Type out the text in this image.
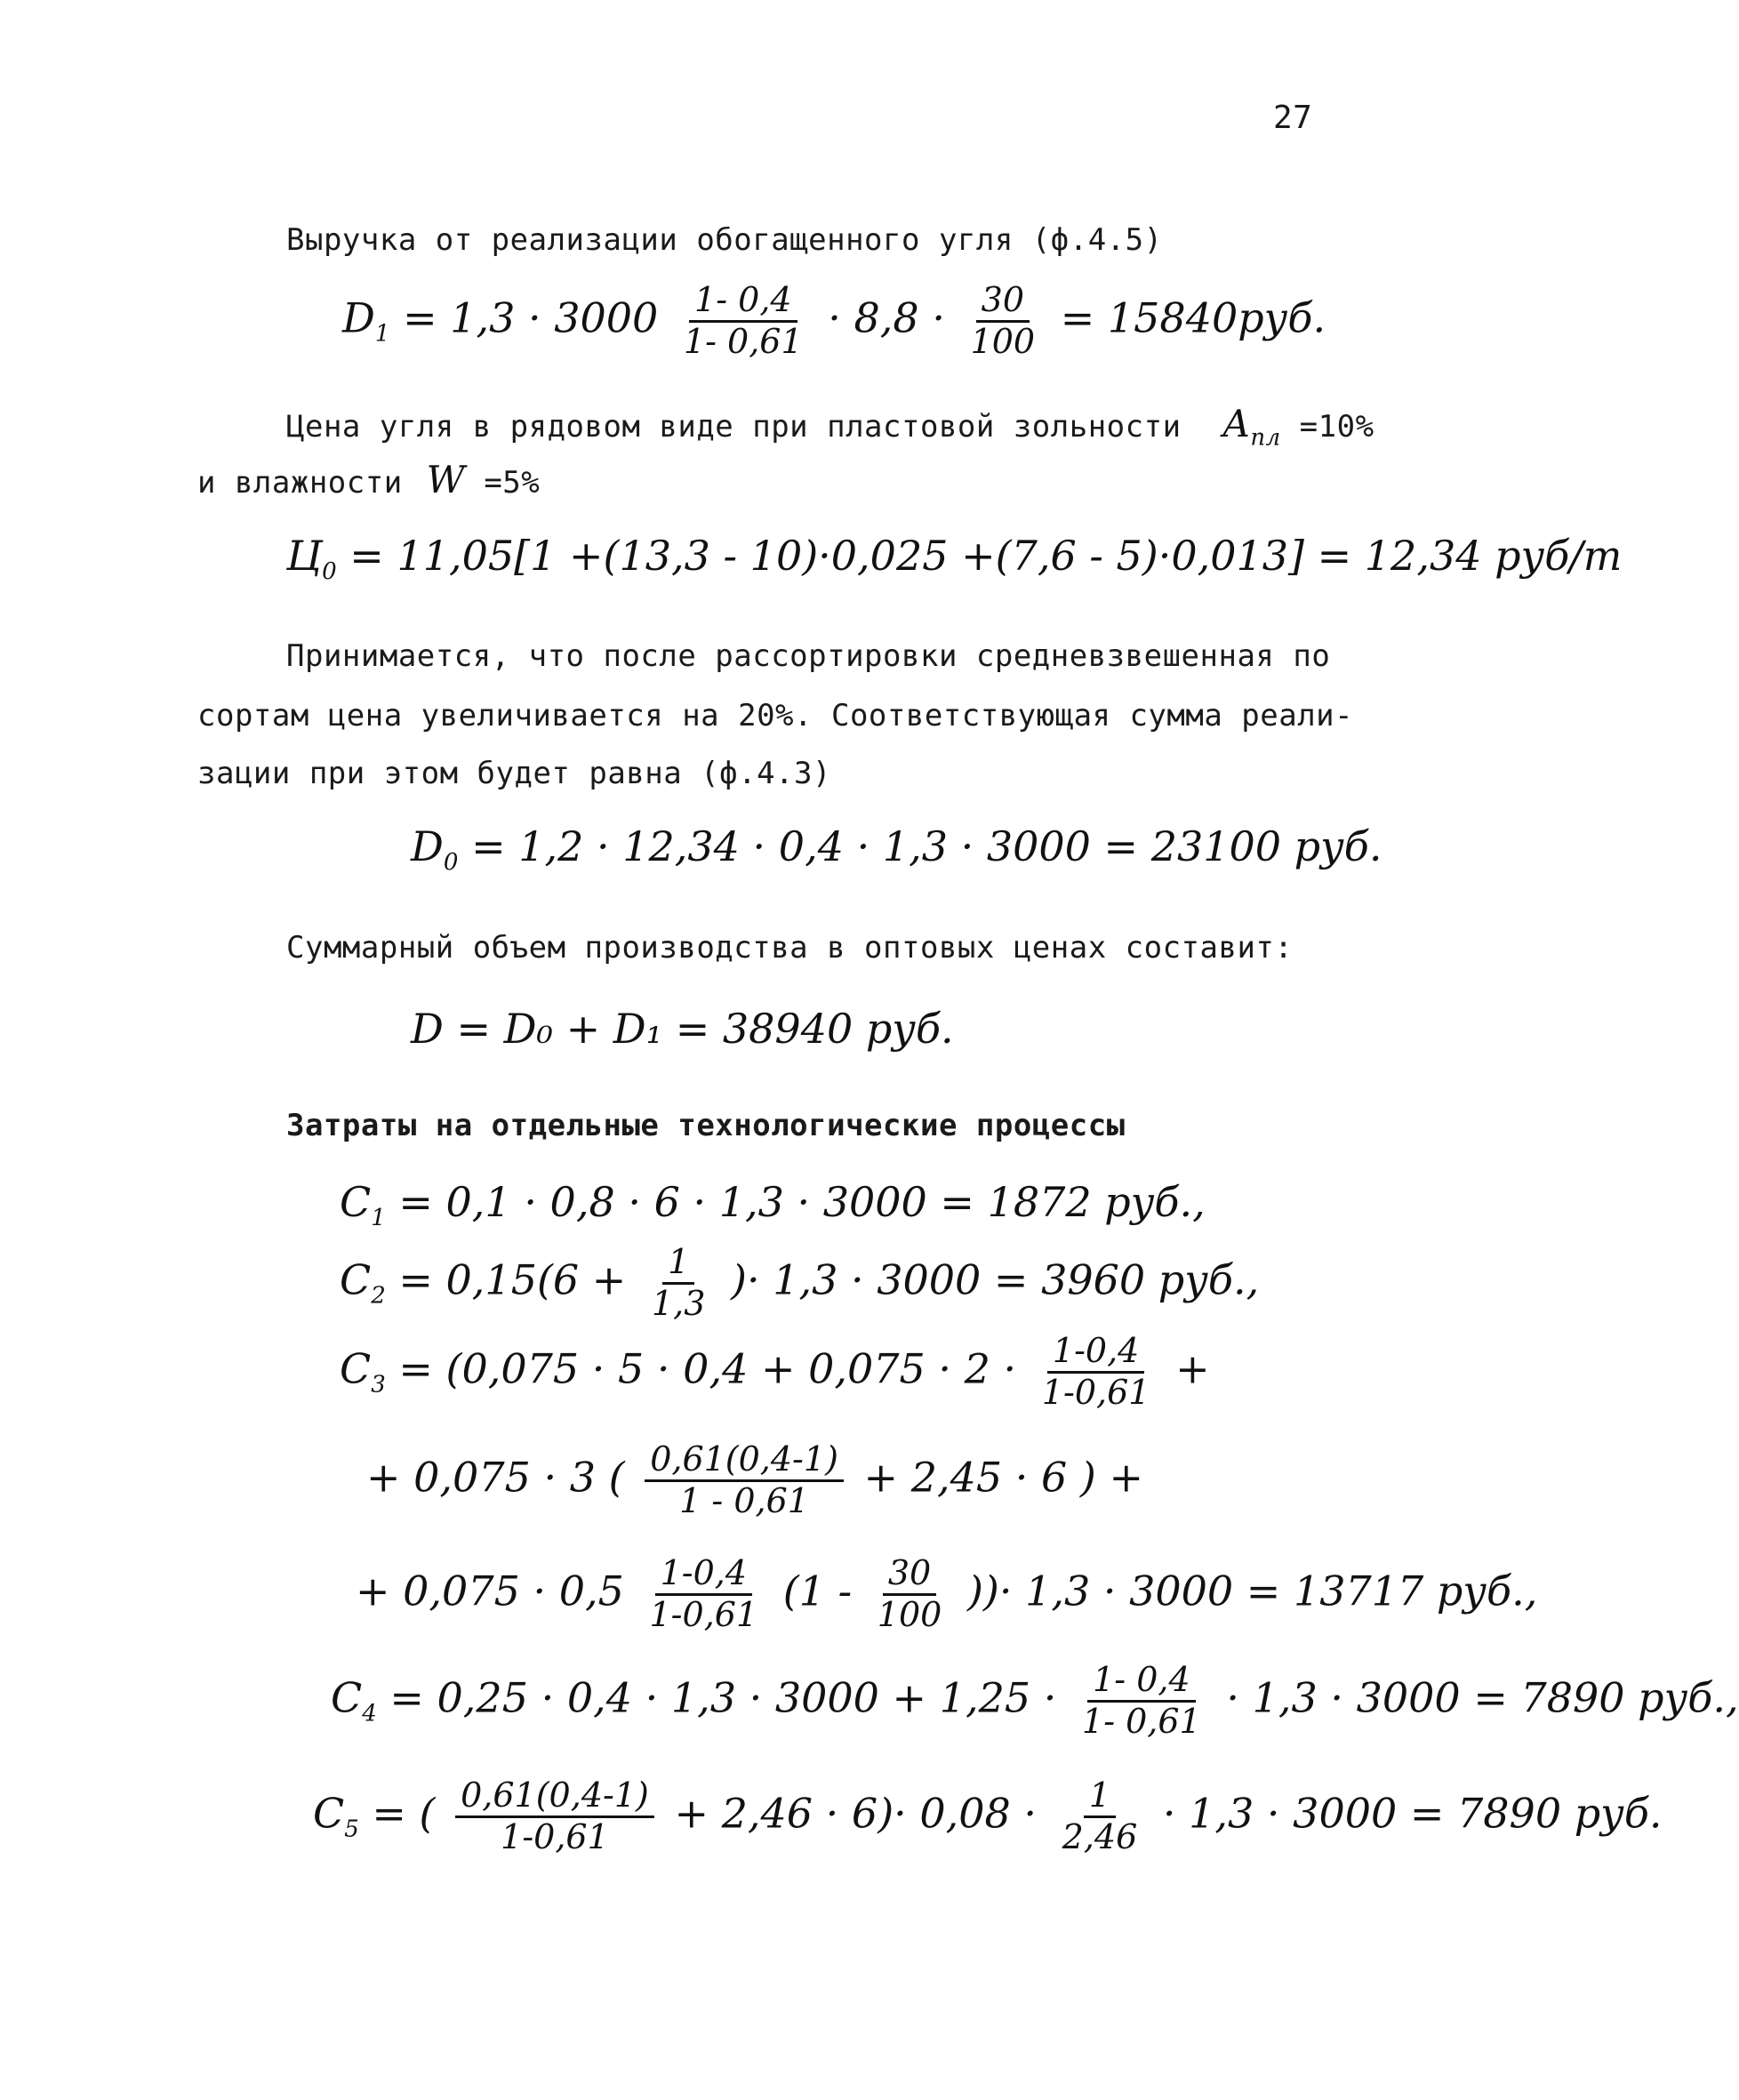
27

Выручка от реализации обогащенного угля (ф.4.5)

$D_1 = 1,3 \cdot 3000 \frac{1- 0,4}{1- 0,61} \cdot 8,8 \cdot \frac{30}{100} = 15840руб$.
Цена угля в рядовом виде при пластовой зольности $A_{пл} =10\%$
и влажности W =5%
$Ц_0 = 11,05[1 +(13,3 - 10)\cdot 0,025 +(7,6 - 5)\cdot 0,013] = 12,34$ руб/т

Принимается, что после рассортировки средневзвешенная по

сортам цена увеличивается на 20%. Соответствующая сумма реали-

зации при этом будет равна (ф.4.3)

$D_0 = 1,2 \cdot 12,34 \cdot 0,4 \cdot 1,3 \cdot 3000 = 23100$ руб.

Суммарный объем производства в оптовых ценах составит:

D = D₀ + D₁ = 38940 руб.

Затраты на отдельные технологические процессы

$C_1 = 0,1 \cdot 0,8 \cdot 6 \cdot 1,3 \cdot 3000 = 1872$ руб.,
$C_2 = 0,15(6 + \frac{1}{1,3}$ )· 1,3 · 3000 = 3960 руб.,
$C_3 = (0,075 \cdot 5 \cdot 0,4 + 0,075 \cdot 2 \cdot \frac{1-0,4}{1-0,61}$ +
+ 0,075 · 3 ( $\frac{0,61(0,4-1)}{1 - 0,61} + 2,45 \cdot 6$ ) +
+ $0,075 \cdot 0,5 \frac{1-0,4}{1-0,61} (1 - \frac{30}{100}$ ))· 1,3 · 3000 = 13717 руб.,
$C_4 = 0,25 \cdot 0,4 \cdot 1,3 \cdot 3000 + 1,25 \cdot \frac{1- 0,4}{1- 0,61} \cdot 1,3 \cdot 3000 = 7890$ руб.,
$C_5$ = ( $\frac{0,61(0,4-1)}{1-0,61} + 2,46 \cdot 6)\cdot 0,08 \cdot \frac{1}{2,46} \cdot 1,3 \cdot 3000 = 7890$ руб.
